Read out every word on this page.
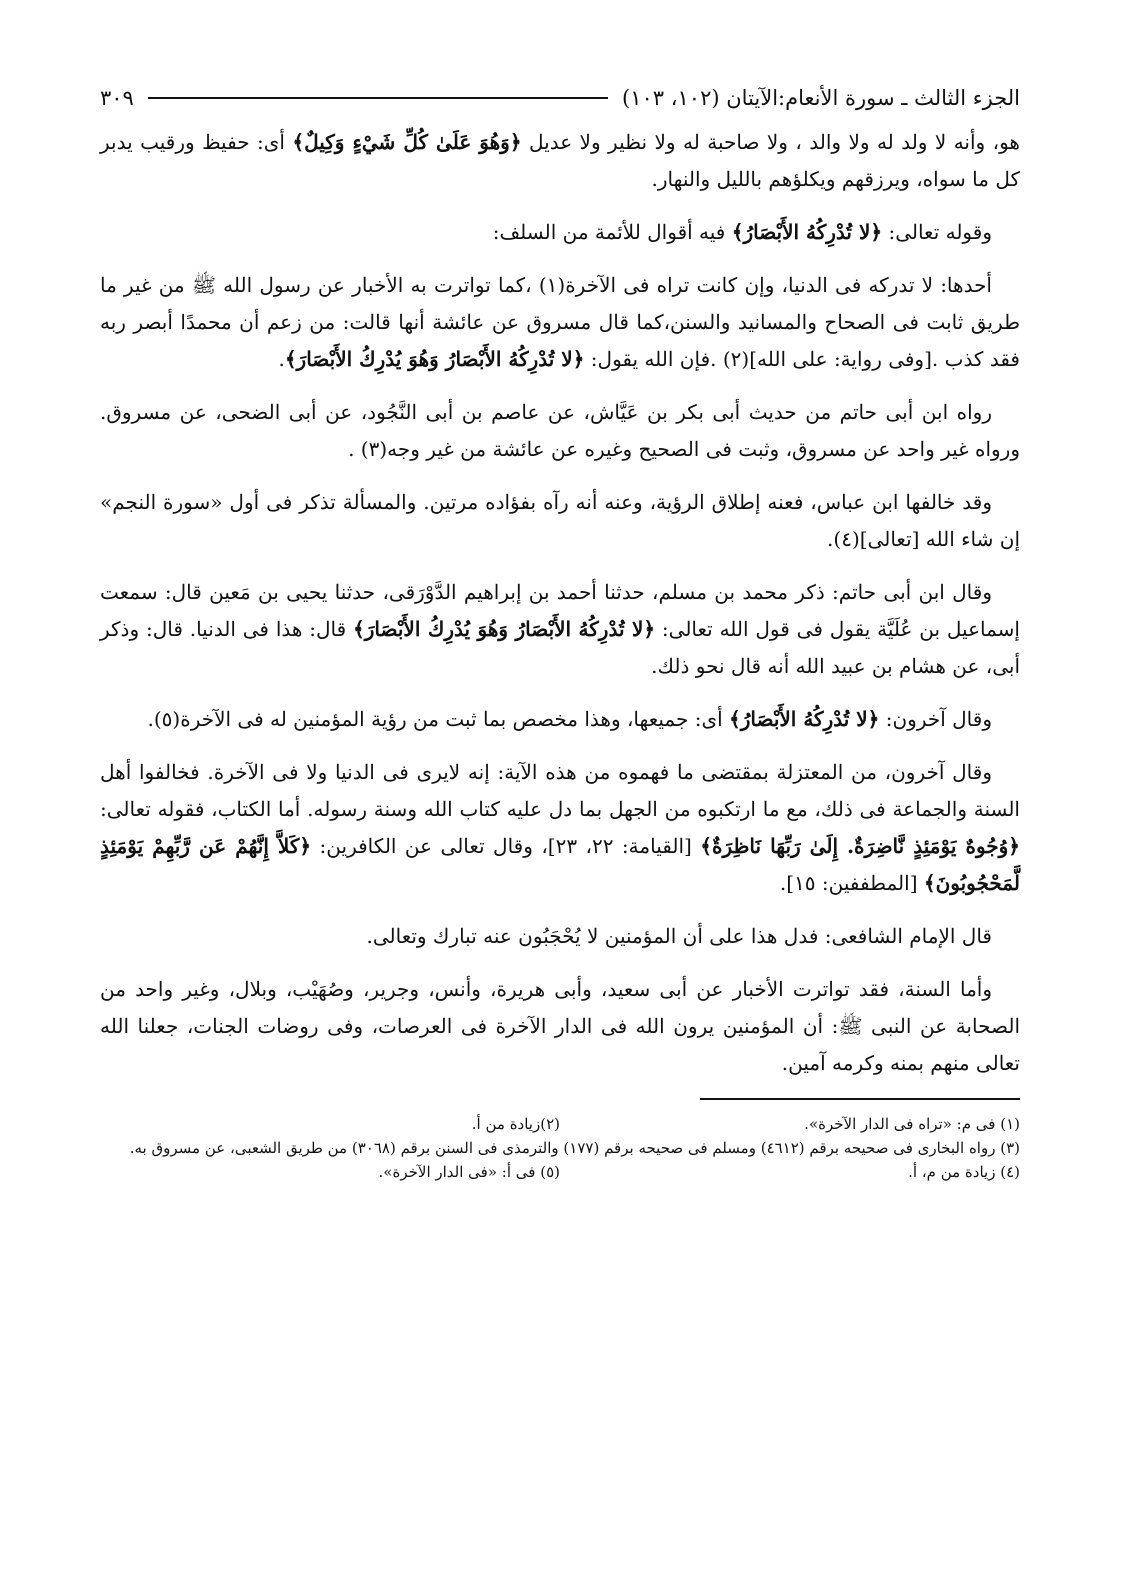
الجزء الثالث ـ سورة الأنعام:الآيتان (١٠٢، ١٠٣)
٣٠٩

هو، وأنه لا ولد له ولا والد ، ولا صاحبة له ولا نظير ولا عديل ﴿وَهُوَ عَلَىٰ كُلِّ شَيْءٍ وَكِيلٌ﴾ أى: حفيظ ورقيب يدبر كل ما سواه، ويرزقهم ويكلؤهم بالليل والنهار.

وقوله تعالى: ﴿لا تُدْرِكُهُ الأَبْصَارُ﴾ فيه أقوال للأئمة من السلف:

أحدها: لا تدركه فى الدنيا، وإن كانت تراه فى الآخرة(١) ،كما تواترت به الأخبار عن رسول الله ﷺ من غير ما طريق ثابت فى الصحاح والمسانيد والسنن،كما قال مسروق عن عائشة أنها قالت: من زعم أن محمدًا أبصر ربه فقد كذب .[وفى رواية: على الله](٢) .فإن الله يقول: ﴿لا تُدْرِكُهُ الأَبْصَارُ وَهُوَ يُدْرِكُ الأَبْصَارَ﴾.

رواه ابن أبى حاتم من حديث أبى بكر بن عَيَّاش، عن عاصم بن أبى النَّجُود، عن أبى الضحى، عن مسروق. ورواه غير واحد عن مسروق، وثبت فى الصحيح وغيره عن عائشة من غير وجه(٣) .

وقد خالفها ابن عباس، فعنه إطلاق الرؤية، وعنه أنه رآه بفؤاده مرتين. والمسألة تذكر فى أول «سورة النجم» إن شاء الله [تعالى](٤).

وقال ابن أبى حاتم: ذكر محمد بن مسلم، حدثنا أحمد بن إبراهيم الدَّوْرَقى، حدثنا يحيى بن مَعين قال: سمعت إسماعيل بن عُلَيَّة يقول فى قول الله تعالى: ﴿لا تُدْرِكُهُ الأَبْصَارُ وَهُوَ يُدْرِكُ الأَبْصَارَ﴾ قال: هذا فى الدنيا. قال: وذكر أبى، عن هشام بن عبيد الله أنه قال نحو ذلك.

وقال آخرون: ﴿لا تُدْرِكُهُ الأَبْصَارُ﴾ أى: جميعها، وهذا مخصص بما ثبت من رؤية المؤمنين له فى الآخرة(٥).

وقال آخرون، من المعتزلة بمقتضى ما فهموه من هذه الآية: إنه لايرى فى الدنيا ولا فى الآخرة. فخالفوا أهل السنة والجماعة فى ذلك، مع ما ارتكبوه من الجهل بما دل عليه كتاب الله وسنة رسوله. أما الكتاب، فقوله تعالى: ﴿وُجُوهٌ يَوْمَئِذٍ نَّاضِرَةٌ. إِلَىٰ رَبِّهَا نَاظِرَةٌ﴾ [القيامة: ٢٢، ٢٣]، وقال تعالى عن الكافرين: ﴿كَلاَّ إِنَّهُمْ عَن رَّبِّهِمْ يَوْمَئِذٍ لَّمَحْجُوبُونَ﴾ [المطففين: ١٥].

قال الإمام الشافعى: فدل هذا على أن المؤمنين لا يُحْجَبُون عنه تبارك وتعالى.

وأما السنة، فقد تواترت الأخبار عن أبى سعيد، وأبى هريرة، وأنس، وجرير، وصُهَيْب، وبلال، وغير واحد من الصحابة عن النبى ﷺ: أن المؤمنين يرون الله فى الدار الآخرة فى العرصات، وفى روضات الجنات، جعلنا الله تعالى منهم بمنه وكرمه آمين.

(١) فى م: «تراه فى الدار الآخرة».
(٢)زيادة من أ.
(٣) رواه البخارى فى صحيحه برقم (٤٦١٢) ومسلم فى صحيحه برقم (١٧٧) والترمذى فى السنن برقم (٣٠٦٨) من طريق الشعبى، عن مسروق به.
(٤) زيادة من م، أ.
(٥) فى أ: «فى الدار الآخرة».
